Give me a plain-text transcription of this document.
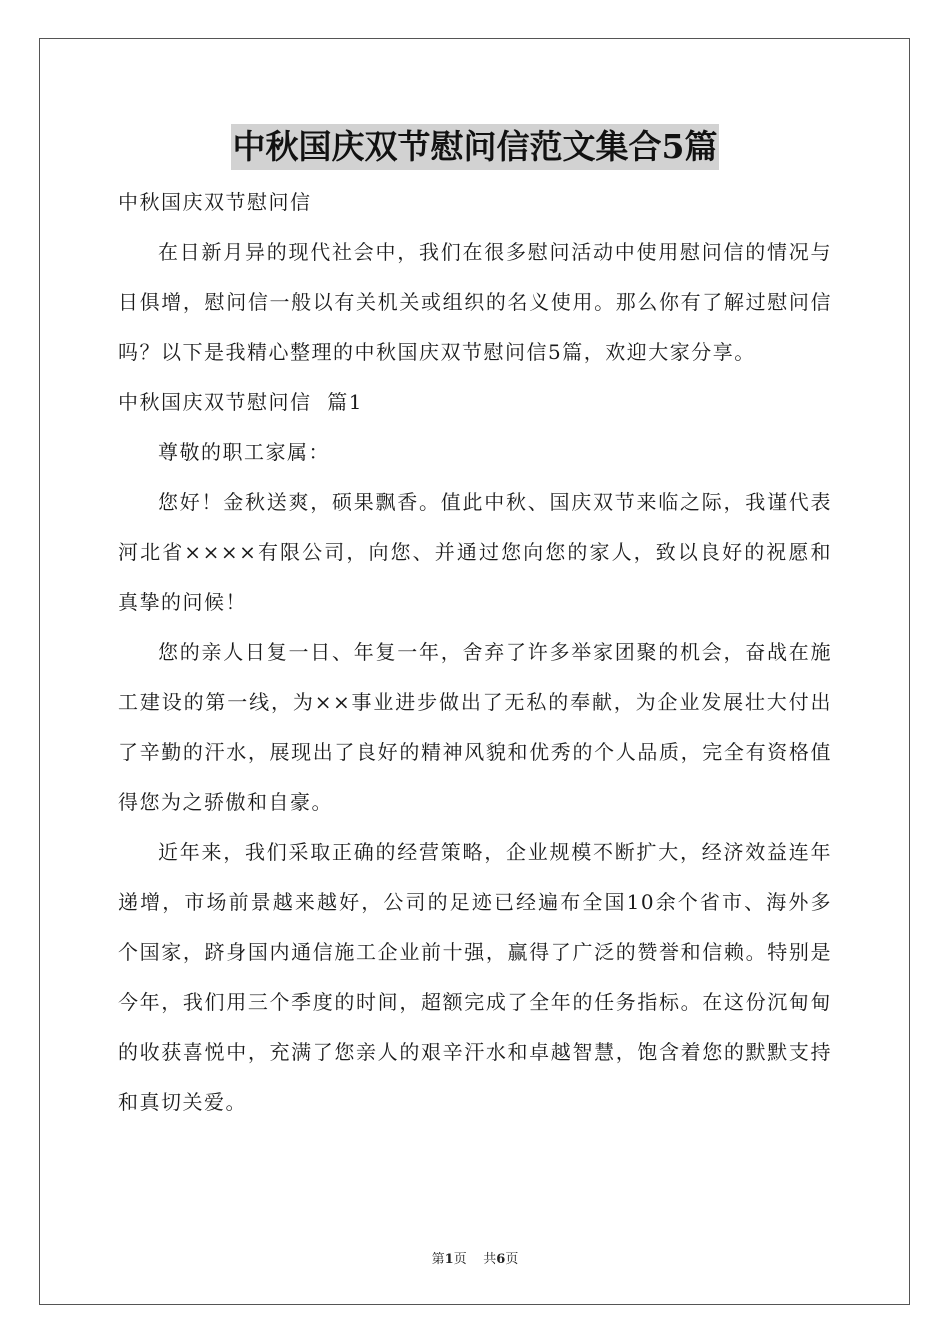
中秋国庆双节慰问信范文集合5篇

中秋国庆双节慰问信

在日新月异的现代社会中，我们在很多慰问活动中使用慰问信的情况与日俱增，慰问信一般以有关机关或组织的名义使用。那么你有了解过慰问信吗？以下是我精心整理的中秋国庆双节慰问信5篇，欢迎大家分享。

中秋国庆双节慰问信  篇1

尊敬的职工家属：

您好！金秋送爽，硕果飘香。值此中秋、国庆双节来临之际，我谨代表河北省××××有限公司，向您、并通过您向您的家人，致以良好的祝愿和真挚的问候！

您的亲人日复一日、年复一年，舍弃了许多举家团聚的机会，奋战在施工建设的第一线，为××事业进步做出了无私的奉献，为企业发展壮大付出了辛勤的汗水，展现出了良好的精神风貌和优秀的个人品质，完全有资格值得您为之骄傲和自豪。

近年来，我们采取正确的经营策略，企业规模不断扩大，经济效益连年递增，市场前景越来越好，公司的足迹已经遍布全国10余个省市、海外多个国家，跻身国内通信施工企业前十强，赢得了广泛的赞誉和信赖。特别是今年，我们用三个季度的时间，超额完成了全年的任务指标。在这份沉甸甸的收获喜悦中，充满了您亲人的艰辛汗水和卓越智慧，饱含着您的默默支持和真切关爱。

第1页 共6页
